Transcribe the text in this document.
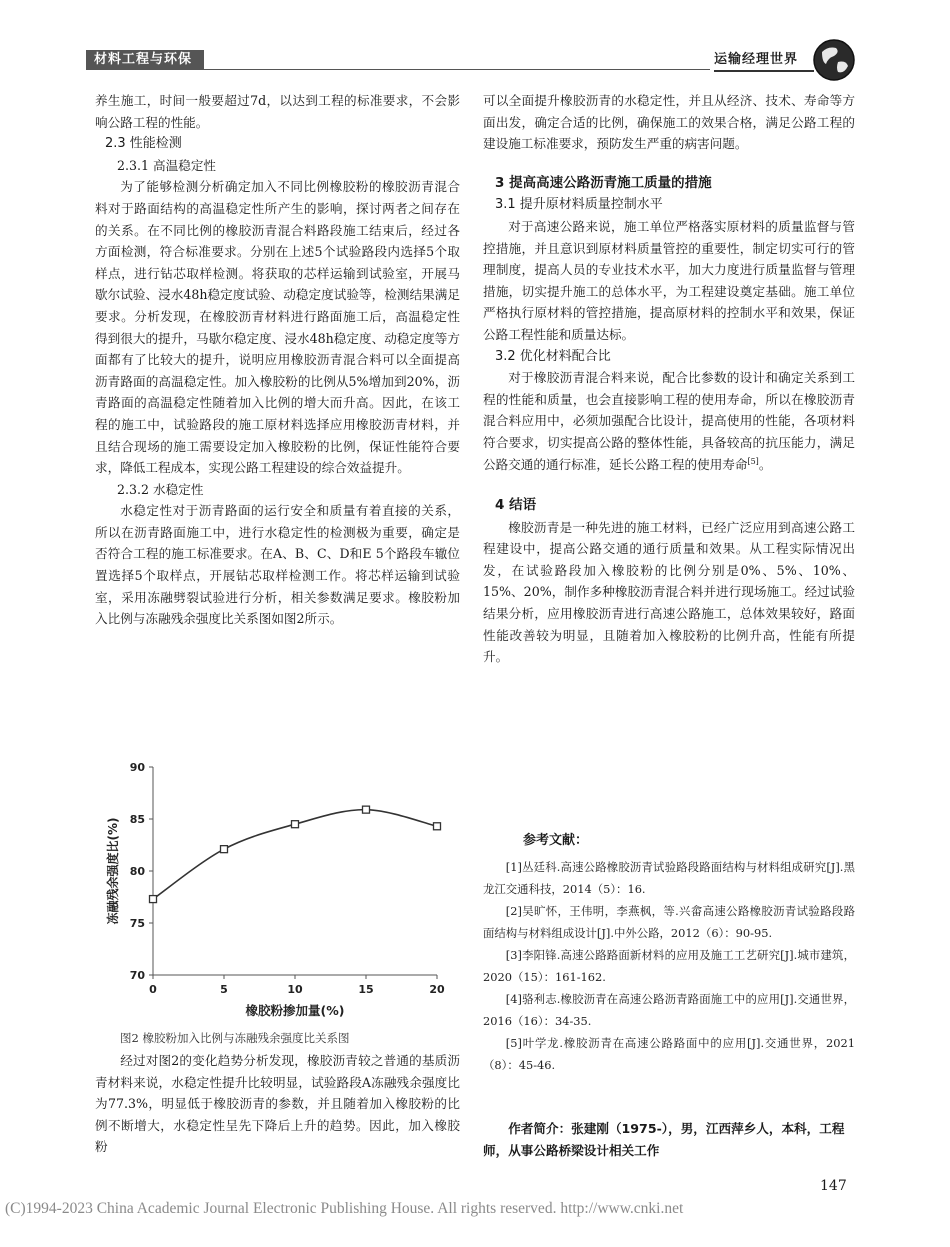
材料工程与环保	运输经理世界

养生施工，时间一般要超过7d，以达到工程的标准要求，不会影响公路工程的性能。

2.3 性能检测

2.3.1 高温稳定性

为了能够检测分析确定加入不同比例橡胶粉的橡胶沥青混合料对于路面结构的高温稳定性所产生的影响，探讨两者之间存在的关系。在不同比例的橡胶沥青混合料路段施工结束后，经过各方面检测，符合标准要求。分别在上述5个试验路段内选择5个取样点，进行钻芯取样检测。将获取的芯样运输到试验室，开展马歇尔试验、浸水48h稳定度试验、动稳定度试验等，检测结果满足要求。分析发现，在橡胶沥青材料进行路面施工后，高温稳定性得到很大的提升，马歇尔稳定度、浸水48h稳定度、动稳定度等方面都有了比较大的提升，说明应用橡胶沥青混合料可以全面提高沥青路面的高温稳定性。加入橡胶粉的比例从5%增加到20%，沥青路面的高温稳定性随着加入比例的增大而升高。因此，在该工程的施工中，试验路段的施工原材料选择应用橡胶沥青材料，并且结合现场的施工需要设定加入橡胶粉的比例，保证性能符合要求，降低工程成本，实现公路工程建设的综合效益提升。

2.3.2 水稳定性

水稳定性对于沥青路面的运行安全和质量有着直接的关系，所以在沥青路面施工中，进行水稳定性的检测极为重要，确定是否符合工程的施工标准要求。在A、B、C、D和E 5个路段车辙位置选择5个取样点，开展钻芯取样检测工作。将芯样运输到试验室，采用冻融劈裂试验进行分析，相关参数满足要求。橡胶粉加入比例与冻融残余强度比关系图如图2所示。

70
75
80
85
90
0	5	10	15	20
橡胶粉掺加量(%)
冻融残余强度比(%)
图2 橡胶粉加入比例与冻融残余强度比关系图

经过对图2的变化趋势分析发现，橡胶沥青较之普通的基质沥青材料来说，水稳定性提升比较明显，试验路段A冻融残余强度比为77.3%，明显低于橡胶沥青的参数，并且随着加入橡胶粉的比例不断增大，水稳定性呈先下降后上升的趋势。因此，加入橡胶粉

可以全面提升橡胶沥青的水稳定性，并且从经济、技术、寿命等方面出发，确定合适的比例，确保施工的效果合格，满足公路工程的建设施工标准要求，预防发生严重的病害问题。

3 提高高速公路沥青施工质量的措施

3.1 提升原材料质量控制水平

对于高速公路来说，施工单位严格落实原材料的质量监督与管控措施，并且意识到原材料质量管控的重要性，制定切实可行的管理制度，提高人员的专业技术水平，加大力度进行质量监督与管理措施，切实提升施工的总体水平，为工程建设奠定基础。施工单位严格执行原材料的管控措施，提高原材料的控制水平和效果，保证公路工程性能和质量达标。

3.2 优化材料配合比

对于橡胶沥青混合料来说，配合比参数的设计和确定关系到工程的性能和质量，也会直接影响工程的使用寿命，所以在橡胶沥青混合料应用中，必须加强配合比设计，提高使用的性能，各项材料符合要求，切实提高公路的整体性能，具备较高的抗压能力，满足公路交通的通行标准，延长公路工程的使用寿命[5]。

4 结语

橡胶沥青是一种先进的施工材料，已经广泛应用到高速公路工程建设中，提高公路交通的通行质量和效果。从工程实际情况出发，在试验路段加入橡胶粉的比例分别是0%、5%、10%、15%、20%，制作多种橡胶沥青混合料并进行现场施工。经过试验结果分析，应用橡胶沥青进行高速公路施工，总体效果较好，路面性能改善较为明显，且随着加入橡胶粉的比例升高，性能有所提升。

参考文献：

[1]丛廷科.高速公路橡胶沥青试验路段路面结构与材料组成研究[J].黑龙江交通科技，2014（5）：16.

[2]吴旷怀，王伟明，李燕枫，等.兴畲高速公路橡胶沥青试验路段路面结构与材料组成设计[J].中外公路，2012（6）：90-95.

[3]李阳锋.高速公路路面新材料的应用及施工工艺研究[J].城市建筑，2020（15）：161-162.

[4]骆利志.橡胶沥青在高速公路沥青路面施工中的应用[J].交通世界，2016（16）：34-35.

[5]叶学龙.橡胶沥青在高速公路路面中的应用[J].交通世界，2021（8）：45-46.

作者简介：张建刚（1975-），男，江西萍乡人，本科，工程师，从事公路桥梁设计相关工作
147
(C)1994-2023 China Academic Journal Electronic Publishing House. All rights reserved. http://www.cnki.net
